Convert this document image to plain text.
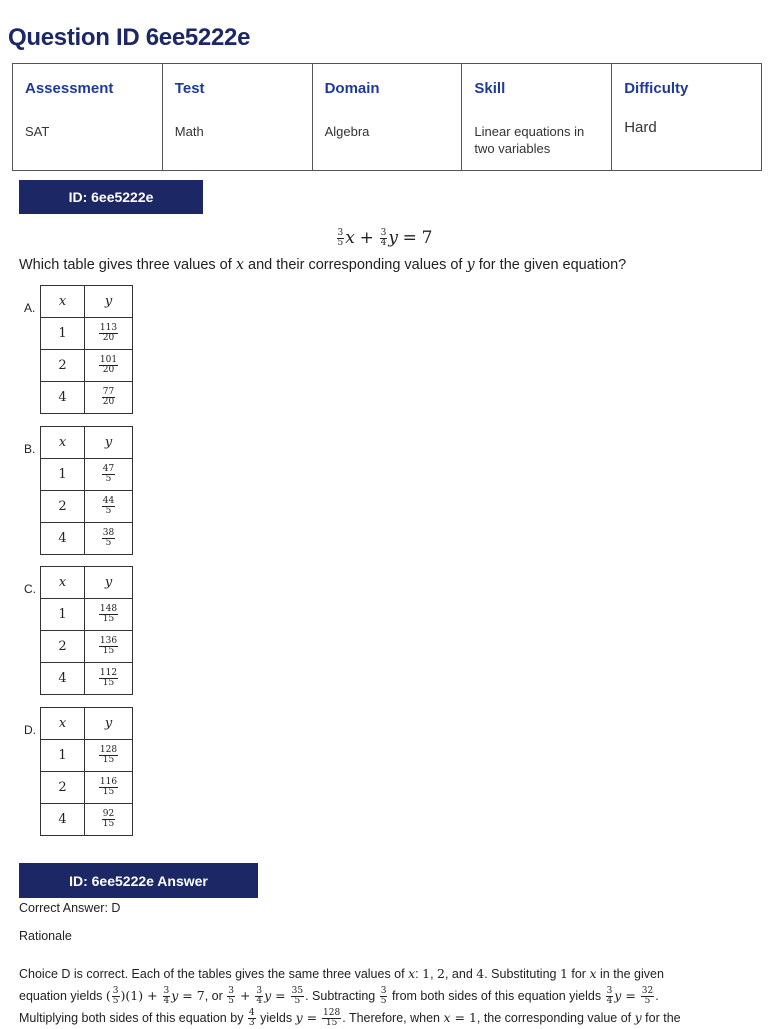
Question ID 6ee5222e
Assessment
SAT

Test
Math

Domain
Algebra

Skill
Linear equations in two variables

Difficulty
Hard
ID: 6ee5222e
$\frac{3}{5}$ $x + \frac{3}{4}$ y = 7
Which table gives three values of x and their corresponding values of y for the given equation?
A. x	y
1	$\frac{113}{20}$

2	$\frac{101}{20}$

4	$\frac{77}{20}$
B. x	y
1	$\frac{47}{5}$

2	$\frac{44}{5}$

4	$\frac{38}{5}$
C. x	y
1	$\frac{148}{15}$

2	$\frac{136}{15}$

4	$\frac{112}{15}$
D. x	y
1	$\frac{128}{15}$

2	$\frac{116}{15}$

4	$\frac{92}{15}$
ID: 6ee5222e Answer
Correct Answer: D
Rationale
Choice D is correct. Each of the tables gives the same three values of x: 1, 2, and 4. Substituting 1 for x in the given
equation yields ( $\frac{3}{5} )(1) + \frac{3}{4}$ y = 7, or $\frac{3}{5} + \frac{3}{4}$ $y = \frac{35}{5}$ . Subtracting $\frac{3}{5}$ from both sides of this equation yields $\frac{3}{4}$ $y = \frac{32}{5}$ .
Multiplying both sides of this equation by $\frac{4}{3}$ yields $y = \frac{128}{15}$ . Therefore, when x = 1, the corresponding value of y for the
